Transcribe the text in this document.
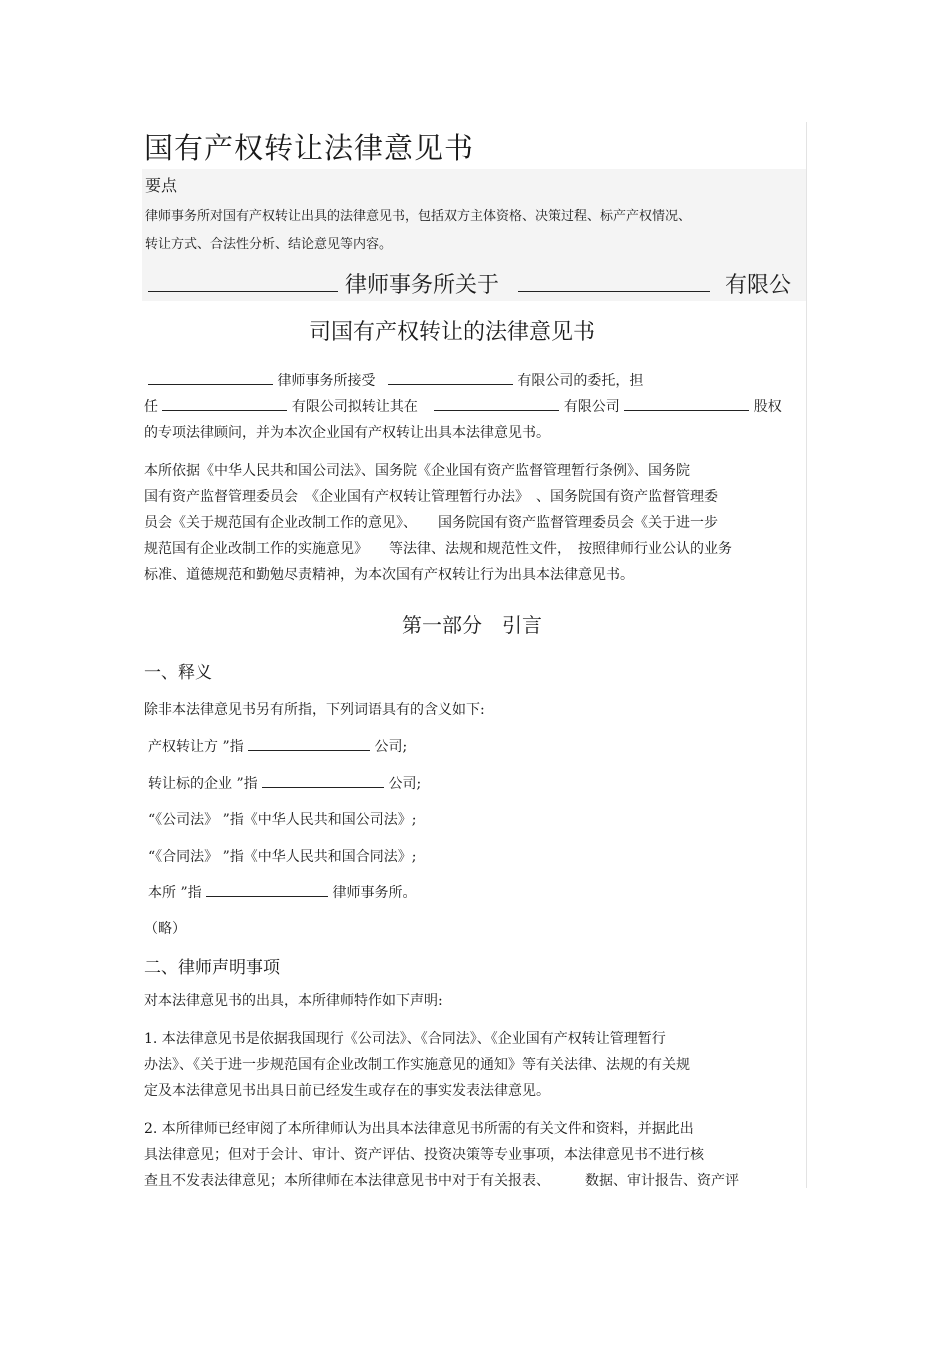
国有产权转让法律意见书
要点
律师事务所对国有产权转让出具的法律意见书，包括双方主体资格、决策过程、标产产权情况、
转让方式、合法性分析、结论意见等内容。
律师事务所关于	有限公
司国有产权转让的法律意见书
律师事务所接受	有限公司的委托，担
任	有限公司拟转让其在	有限公司	股权
的专项法律顾问，并为本次企业国有产权转让出具本法律意见书。
本所依据《中华人民共和国公司法》、国务院《企业国有资产监督管理暂行条例》、国务院
国有资产监督管理委员会　《企业国有产权转让管理暂行办法》　、国务院国有资产监督管理委
员会《关于规范国有企业改制工作的意见》、　　国务院国有资产监督管理委员会《关于进一步
规范国有企业改制工作的实施意见》　　等法律、法规和规范性文件，　按照律师行业公认的业务
标准、道德规范和勤勉尽责精神，为本次国有产权转让行为出具本法律意见书。
第一部分　引言
一、释义
除非本法律意见书另有所指，下列词语具有的含义如下:
产权转让方 ”指	公司;
转让标的企业 ”指	公司;
“《公司法》 ”指《中华人民共和国公司法》;
“《合同法》 ”指《中华人民共和国合同法》;
本所 ”指	律师事务所。
（略）
二、律师声明事项
对本法律意见书的出具，本所律师特作如下声明:
1. 本法律意见书是依据我国现行《公司法》、《合同法》、《企业国有产权转让管理暂行
办法》、《关于进一步规范国有企业改制工作实施意见的通知》等有关法律、法规的有关规
定及本法律意见书出具日前已经发生或存在的事实发表法律意见。
2. 本所律师已经审阅了本所律师认为出具本法律意见书所需的有关文件和资料，并据此出
具法律意见；但对于会计、审计、资产评估、投资决策等专业事项，本法律意见书不进行核
查且不发表法律意见；本所律师在本法律意见书中对于有关报表、　　　数据、审计报告、资产评
